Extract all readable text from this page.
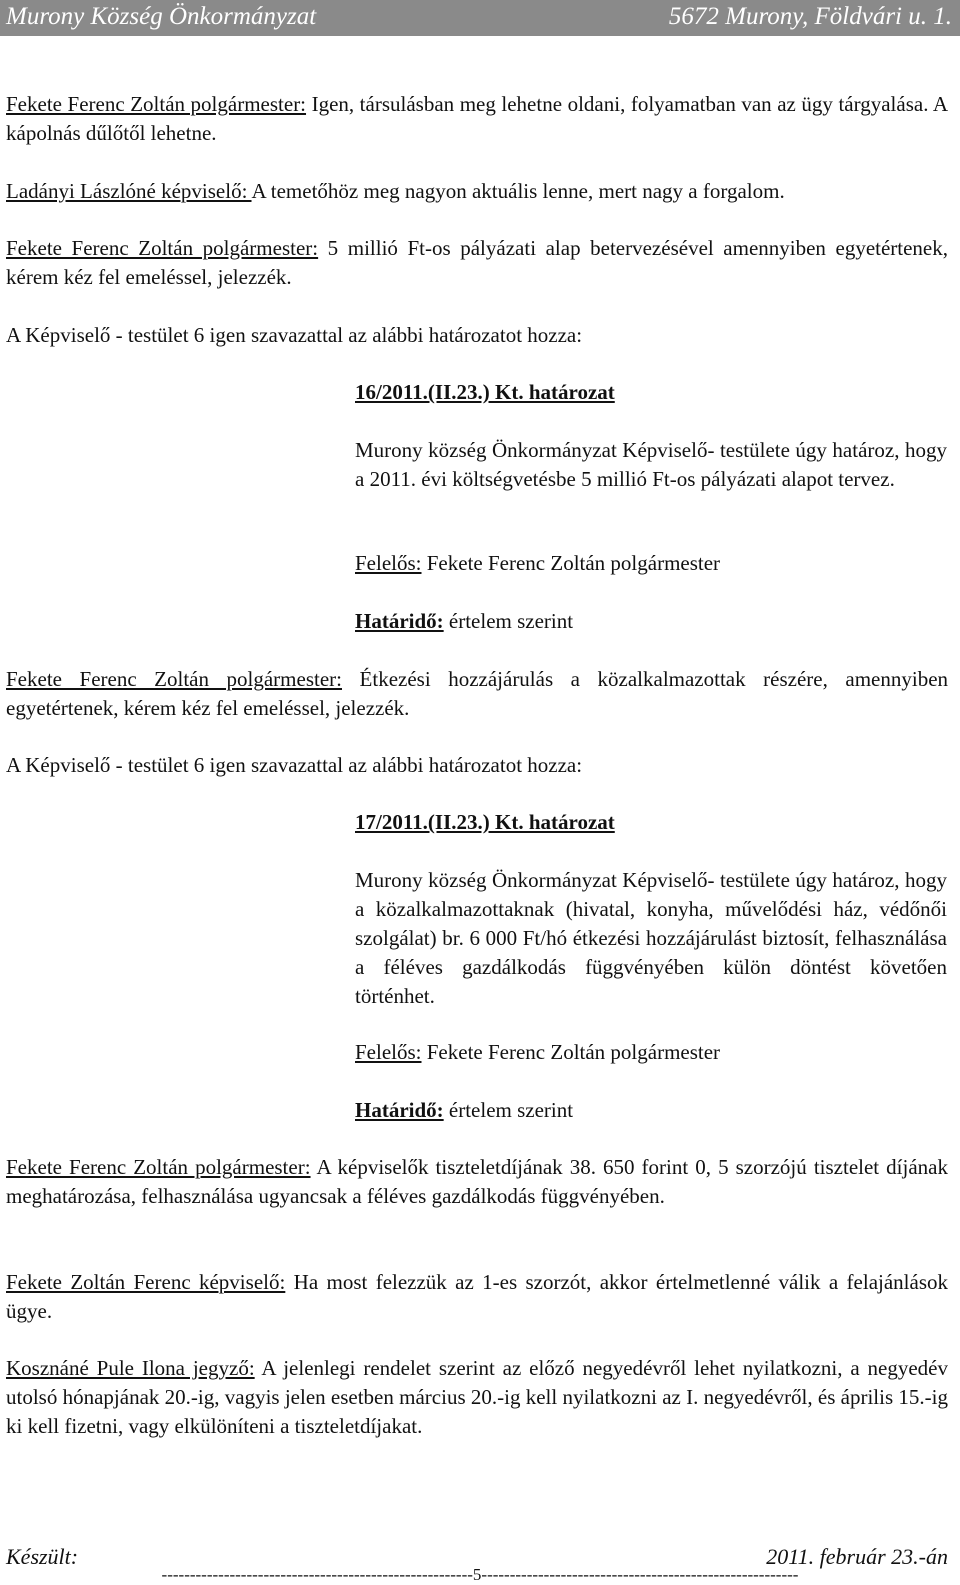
Murony Község Önkormányzat	5672 Murony, Földvári u. 1.

Fekete Ferenc Zoltán polgármester: Igen, társulásban meg lehetne oldani, folyamatban van az ügy tárgyalása. A kápolnás dűlőtől lehetne.

Ladányi Lászlóné képviselő: A temetőhöz meg nagyon aktuális lenne, mert nagy a forgalom.

Fekete Ferenc Zoltán polgármester: 5 millió Ft-os pályázati alap betervezésével amennyiben egyetértenek, kérem kéz fel emeléssel, jelezzék.

A Képviselő - testület 6 igen szavazattal az alábbi határozatot hozza:

16/2011.(II.23.) Kt. határozat

Murony község Önkormányzat Képviselő- testülete úgy határoz, hogy a 2011. évi költségvetésbe 5 millió Ft-os pályázati alapot tervez.

Felelős: Fekete Ferenc Zoltán polgármester

Határidő: értelem szerint

Fekete Ferenc Zoltán polgármester: Étkezési hozzájárulás a közalkalmazottak részére, amennyiben egyetértenek, kérem kéz fel emeléssel, jelezzék.

A Képviselő - testület 6 igen szavazattal az alábbi határozatot hozza:

17/2011.(II.23.) Kt. határozat

Murony község Önkormányzat Képviselő- testülete úgy határoz, hogy a közalkalmazottaknak (hivatal, konyha, művelődési ház, védőnői szolgálat) br. 6 000 Ft/hó étkezési hozzájárulást biztosít, felhasználása a féléves gazdálkodás függvényében külön döntést követően történhet.

Felelős: Fekete Ferenc Zoltán polgármester

Határidő: értelem szerint

Fekete Ferenc Zoltán polgármester: A képviselők tiszteletdíjának 38. 650 forint 0, 5 szorzójú tisztelet díjának meghatározása, felhasználása ugyancsak a féléves gazdálkodás függvényében.

Fekete Zoltán Ferenc képviselő: Ha most felezzük az 1-es szorzót, akkor értelmetlenné válik a felajánlások ügye.

Kosznáné Pule Ilona jegyző: A jelenlegi rendelet szerint az előző negyedévről lehet nyilatkozni, a negyedév utolsó hónapjának 20.-ig, vagyis jelen esetben március 20.-ig kell nyilatkozni az I. negyedévről, és április 15.-ig ki kell fizetni, vagy elkülöníteni a tiszteletdíjakat.

Készült:	2011. február 23.-án
-------------------------------------------------------5--------------------------------------------------------
